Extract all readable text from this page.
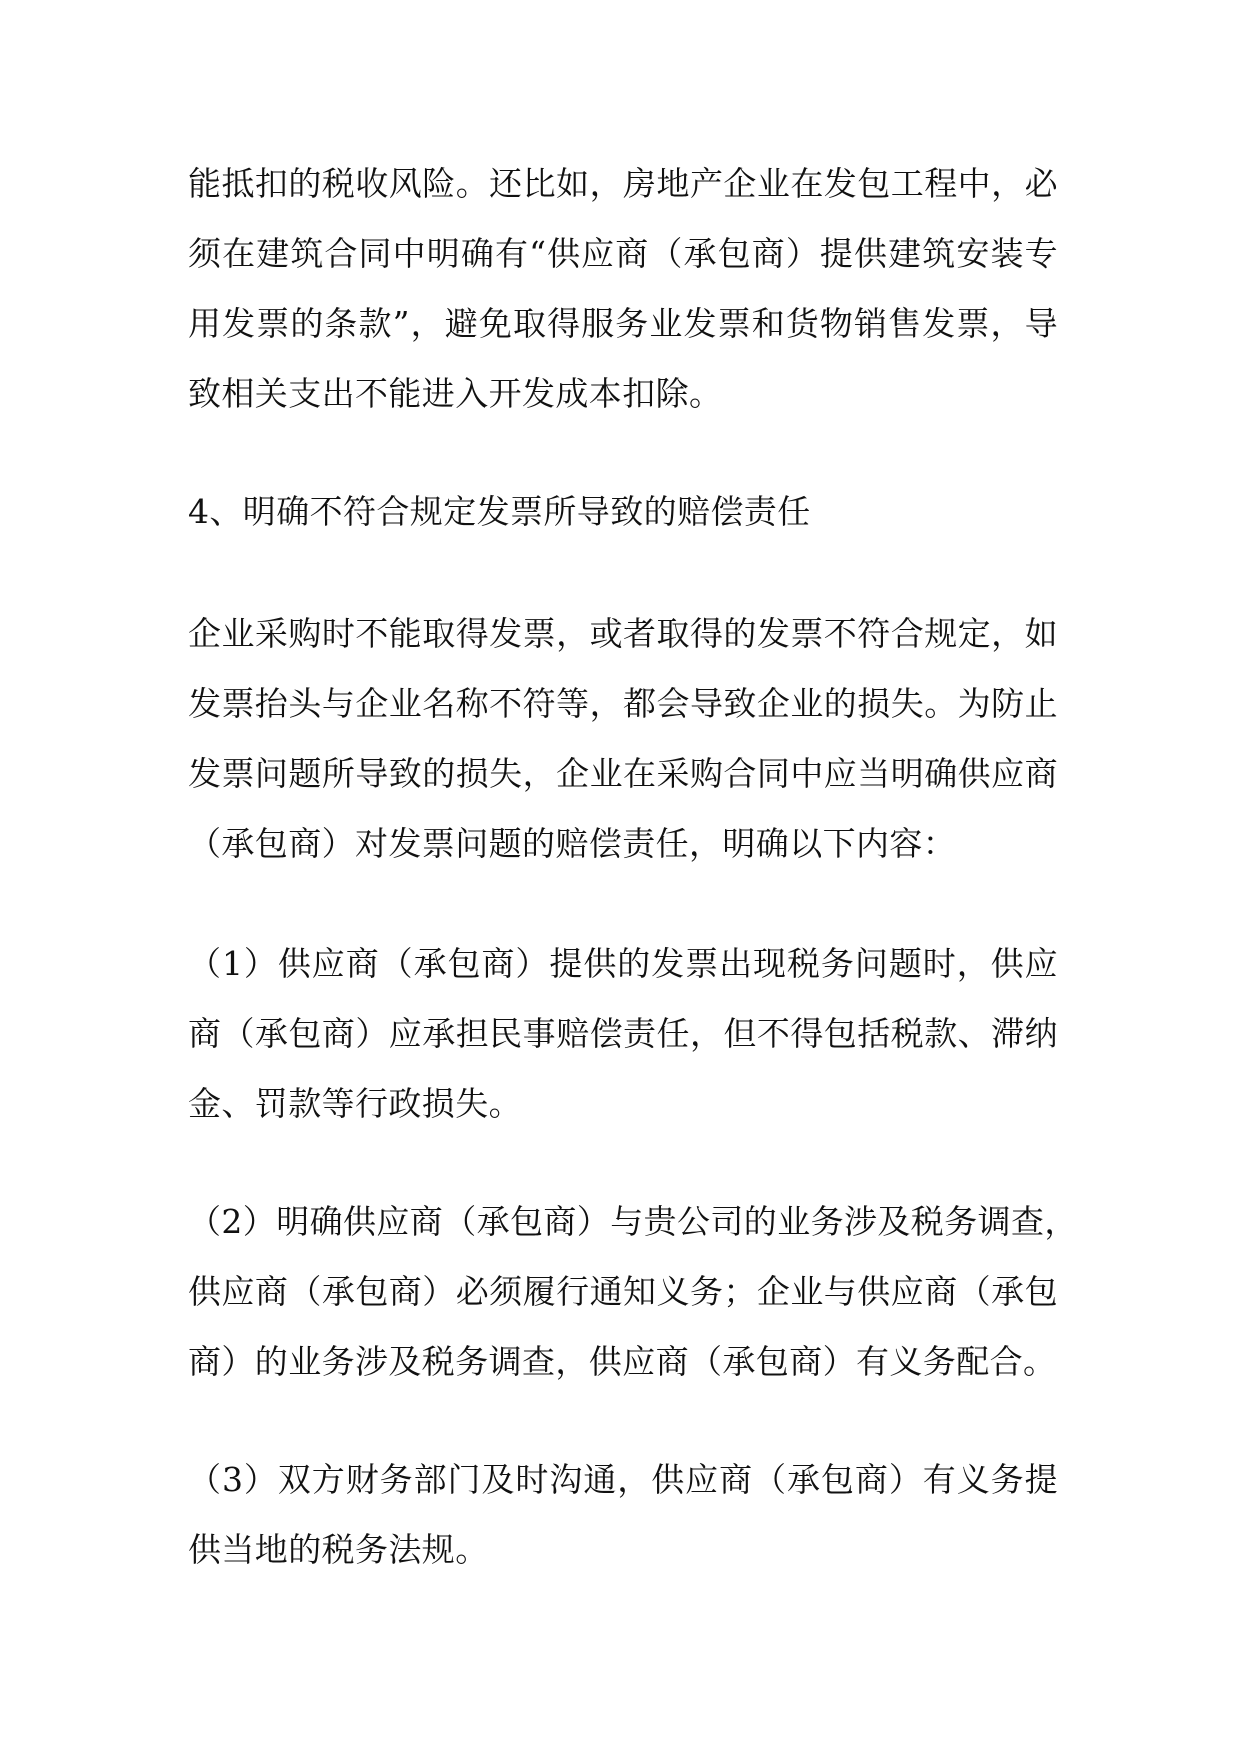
能抵扣的税收风险。还比如，房地产企业在发包工程中，必
须在建筑合同中明确有“供应商（承包商）提供建筑安装专
用发票的条款”，避免取得服务业发票和货物销售发票，导
致相关支出不能进入开发成本扣除。
4、明确不符合规定发票所导致的赔偿责任
企业采购时不能取得发票，或者取得的发票不符合规定，如
发票抬头与企业名称不符等，都会导致企业的损失。为防止
发票问题所导致的损失，企业在采购合同中应当明确供应商
（承包商）对发票问题的赔偿责任，明确以下内容：
（1）供应商（承包商）提供的发票出现税务问题时，供应
商（承包商）应承担民事赔偿责任，但不得包括税款、滞纳
金、罚款等行政损失。
（2）明确供应商（承包商）与贵公司的业务涉及税务调查，
供应商（承包商）必须履行通知义务；企业与供应商（承包
商）的业务涉及税务调查，供应商（承包商）有义务配合。
（3）双方财务部门及时沟通，供应商（承包商）有义务提
供当地的税务法规。
